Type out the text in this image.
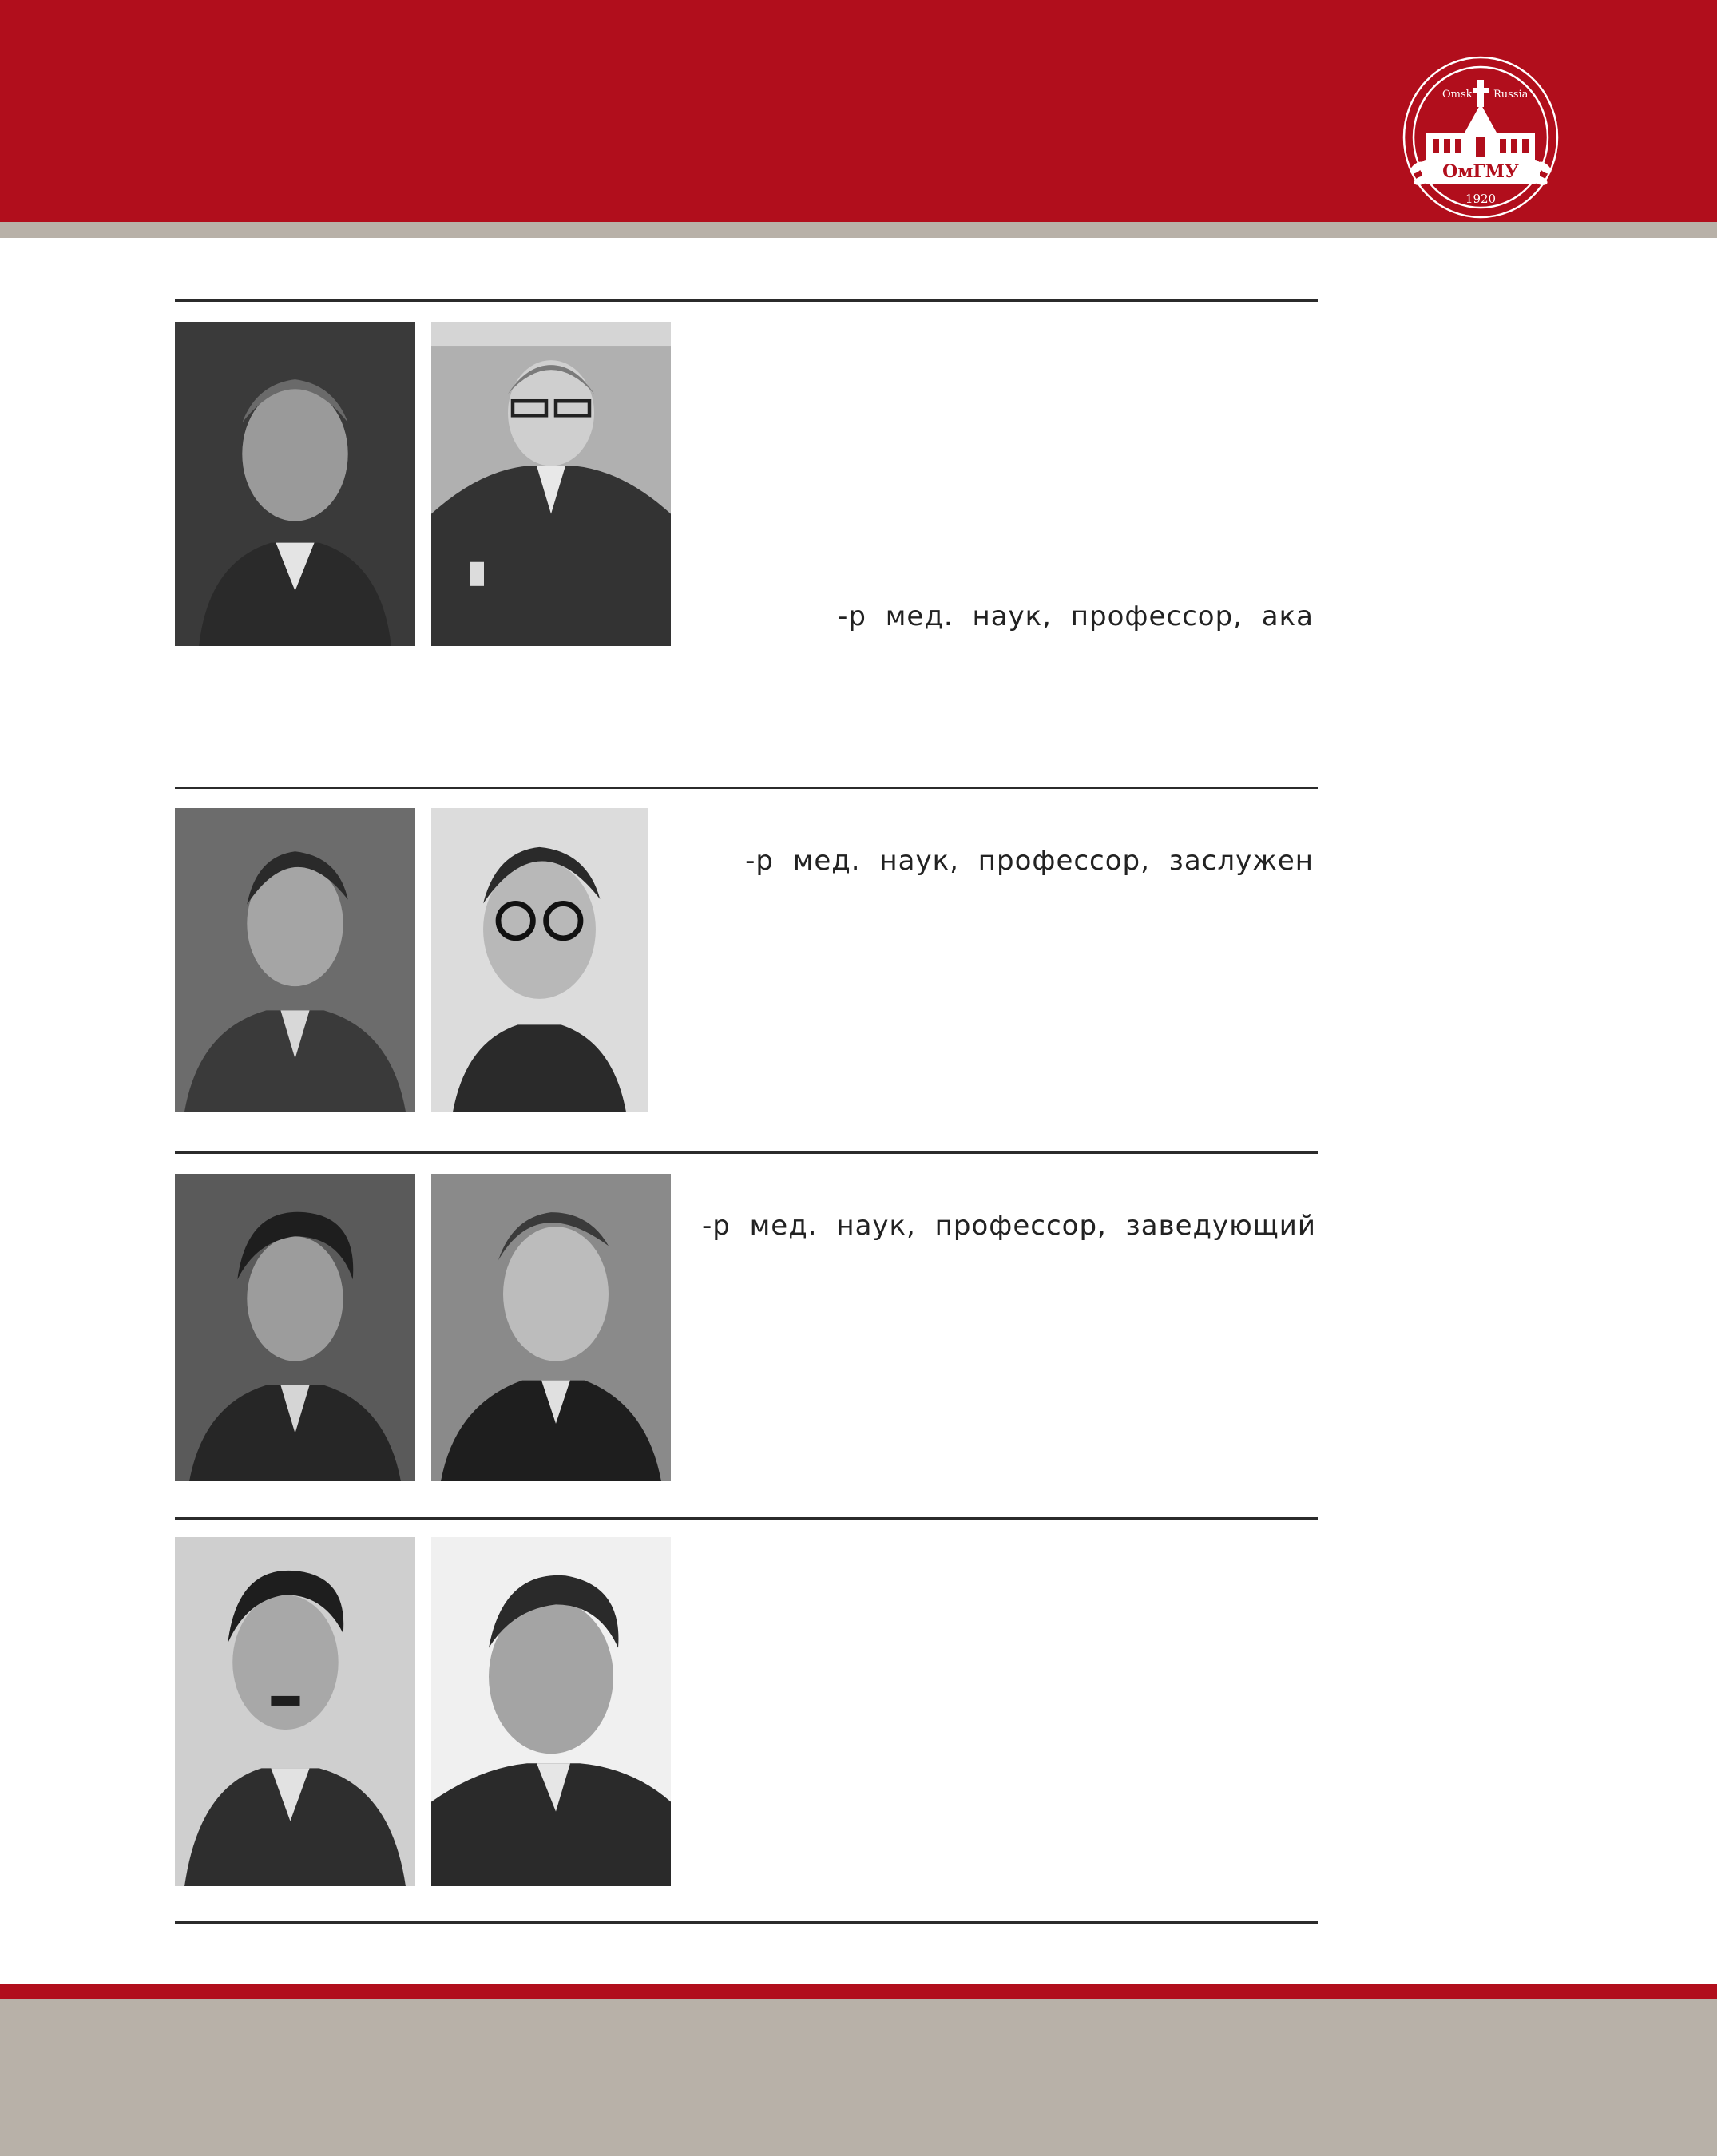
Omsk Russia
ОмГМУ
1920
-р мед. наук, профессор, ака
-р мед. наук, профессор, заслужен
-р мед. наук, профессор, заведующий
